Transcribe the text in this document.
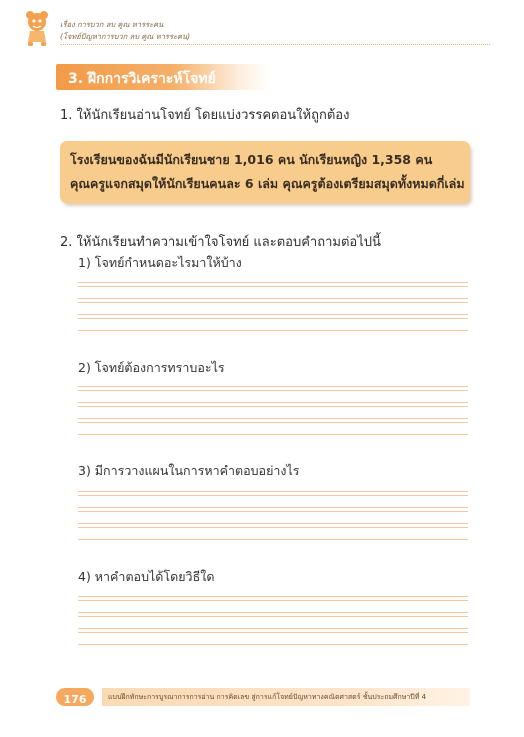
เรื่อง การบวก ลบ คูณ หารระคน
(โจทย์ปัญหาการบวก ลบ คูณ หารระคน)
3. ฝึกการวิเคราะห์โจทย์
1. ให้นักเรียนอ่านโจทย์ โดยแบ่งวรรคตอนให้ถูกต้อง
โรงเรียนของฉันมีนักเรียนชาย 1,016 คน นักเรียนหญิง 1,358 คน
คุณครูแจกสมุดให้นักเรียนคนละ 6 เล่ม คุณครูต้องเตรียมสมุดทั้งหมดกี่เล่ม
2. ให้นักเรียนทำความเข้าใจโจทย์ และตอบคำถามต่อไปนี้
1) โจทย์กำหนดอะไรมาให้บ้าง
2) โจทย์ต้องการทราบอะไร
3) มีการวางแผนในการหาคำตอบอย่างไร
4) หาคำตอบได้โดยวิธีใด
176	แบบฝึกทักษะการบูรณาการการอ่าน การคิดเลข สู่การแก้โจทย์ปัญหาทางคณิตศาสตร์ ชั้นประถมศึกษาปีที่ 4
